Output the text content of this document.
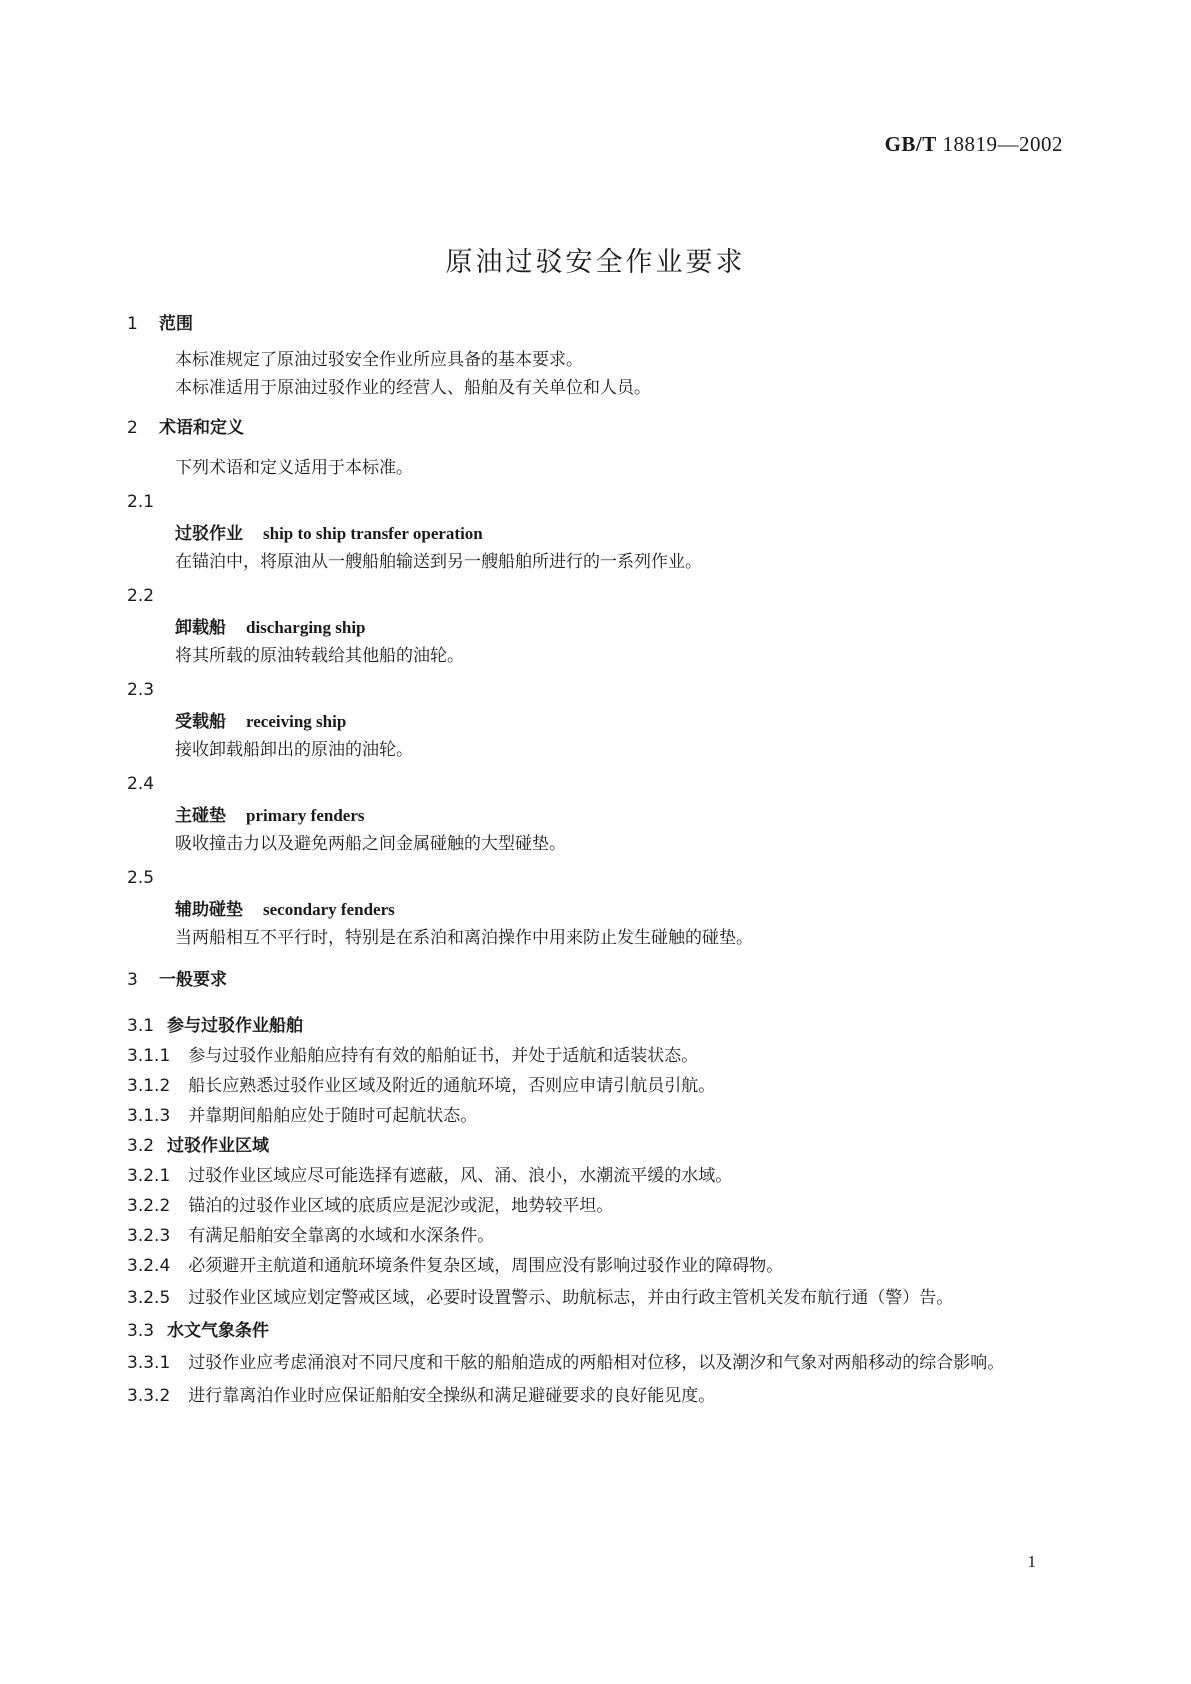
GB/T 18819—2002
原油过驳安全作业要求
1 范围
本标准规定了原油过驳安全作业所应具备的基本要求。
本标准适用于原油过驳作业的经营人、船舶及有关单位和人员。
2 术语和定义
下列术语和定义适用于本标准。
2.1
过驳作业 ship to ship transfer operation
在锚泊中，将原油从一艘船舶输送到另一艘船舶所进行的一系列作业。
2.2
卸载船 discharging ship
将其所载的原油转载给其他船的油轮。
2.3
受载船 receiving ship
接收卸载船卸出的原油的油轮。
2.4
主碰垫 primary fenders
吸收撞击力以及避免两船之间金属碰触的大型碰垫。
2.5
辅助碰垫 secondary fenders
当两船相互不平行时，特别是在系泊和离泊操作中用来防止发生碰触的碰垫。
3 一般要求
3.1 参与过驳作业船舶
3.1.1 参与过驳作业船舶应持有有效的船舶证书，并处于适航和适装状态。
3.1.2 船长应熟悉过驳作业区域及附近的通航环境，否则应申请引航员引航。
3.1.3 并靠期间船舶应处于随时可起航状态。
3.2 过驳作业区域
3.2.1 过驳作业区域应尽可能选择有遮蔽，风、涌、浪小，水潮流平缓的水域。
3.2.2 锚泊的过驳作业区域的底质应是泥沙或泥，地势较平坦。
3.2.3 有满足船舶安全靠离的水域和水深条件。
3.2.4 必须避开主航道和通航环境条件复杂区域，周围应没有影响过驳作业的障碍物。
3.2.5 过驳作业区域应划定警戒区域，必要时设置警示、助航标志，并由行政主管机关发布航行通（警）告。
3.3 水文气象条件
3.3.1 过驳作业应考虑涌浪对不同尺度和干舷的船舶造成的两船相对位移，以及潮汐和气象对两船移动的综合影响。
3.3.2 进行靠离泊作业时应保证船舶安全操纵和满足避碰要求的良好能见度。
1
